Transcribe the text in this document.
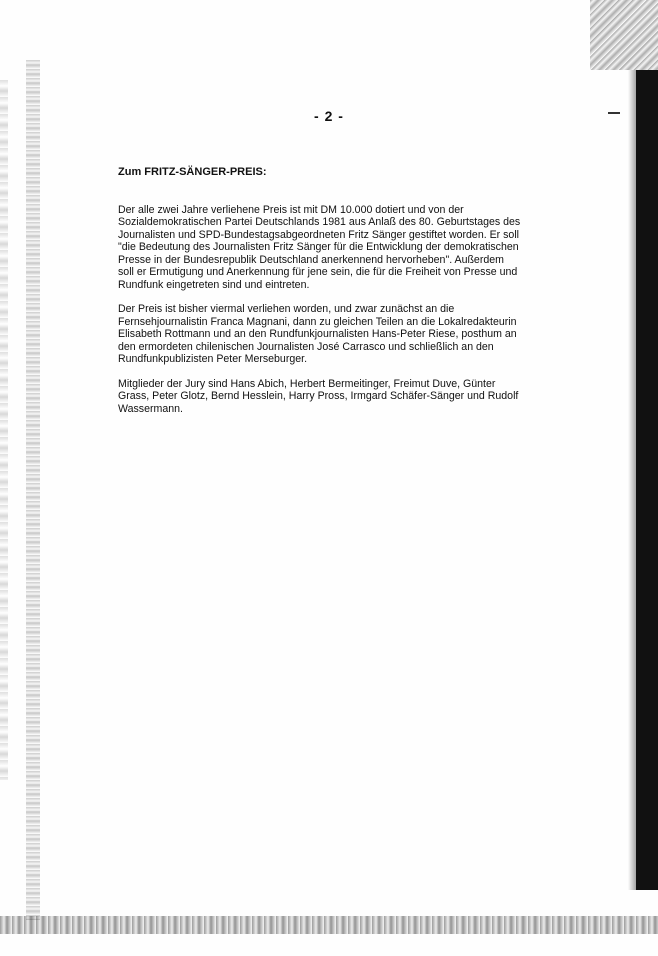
- 2 -
Zum FRITZ-SÄNGER-PREIS:
Der alle zwei Jahre verliehene Preis ist mit DM 10.000 dotiert und von der
Sozialdemokratischen Partei Deutschlands 1981 aus Anlaß des 80. Geburtstages des
Journalisten und SPD-Bundestagsabgeordneten Fritz Sänger gestiftet worden. Er soll
"die Bedeutung des Journalisten Fritz Sänger für die Entwicklung der demokratischen
Presse in der Bundesrepublik Deutschland anerkennend hervorheben". Außerdem
soll er Ermutigung und Anerkennung für jene sein, die für die Freiheit von Presse und
Rundfunk eingetreten sind und eintreten.
Der Preis ist bisher viermal verliehen worden, und zwar zunächst an die
Fernsehjournalistin Franca Magnani, dann zu gleichen Teilen an die Lokalredakteurin
Elisabeth Rottmann und an den Rundfunkjournalisten Hans-Peter Riese, posthum an
den ermordeten chilenischen Journalisten José Carrasco und schließlich an den
Rundfunkpublizisten Peter Merseburger.
Mitglieder der Jury sind Hans Abich, Herbert Bermeitinger, Freimut Duve, Günter
Grass, Peter Glotz, Bernd Hesslein, Harry Pross, Irmgard Schäfer-Sänger und Rudolf
Wassermann.
